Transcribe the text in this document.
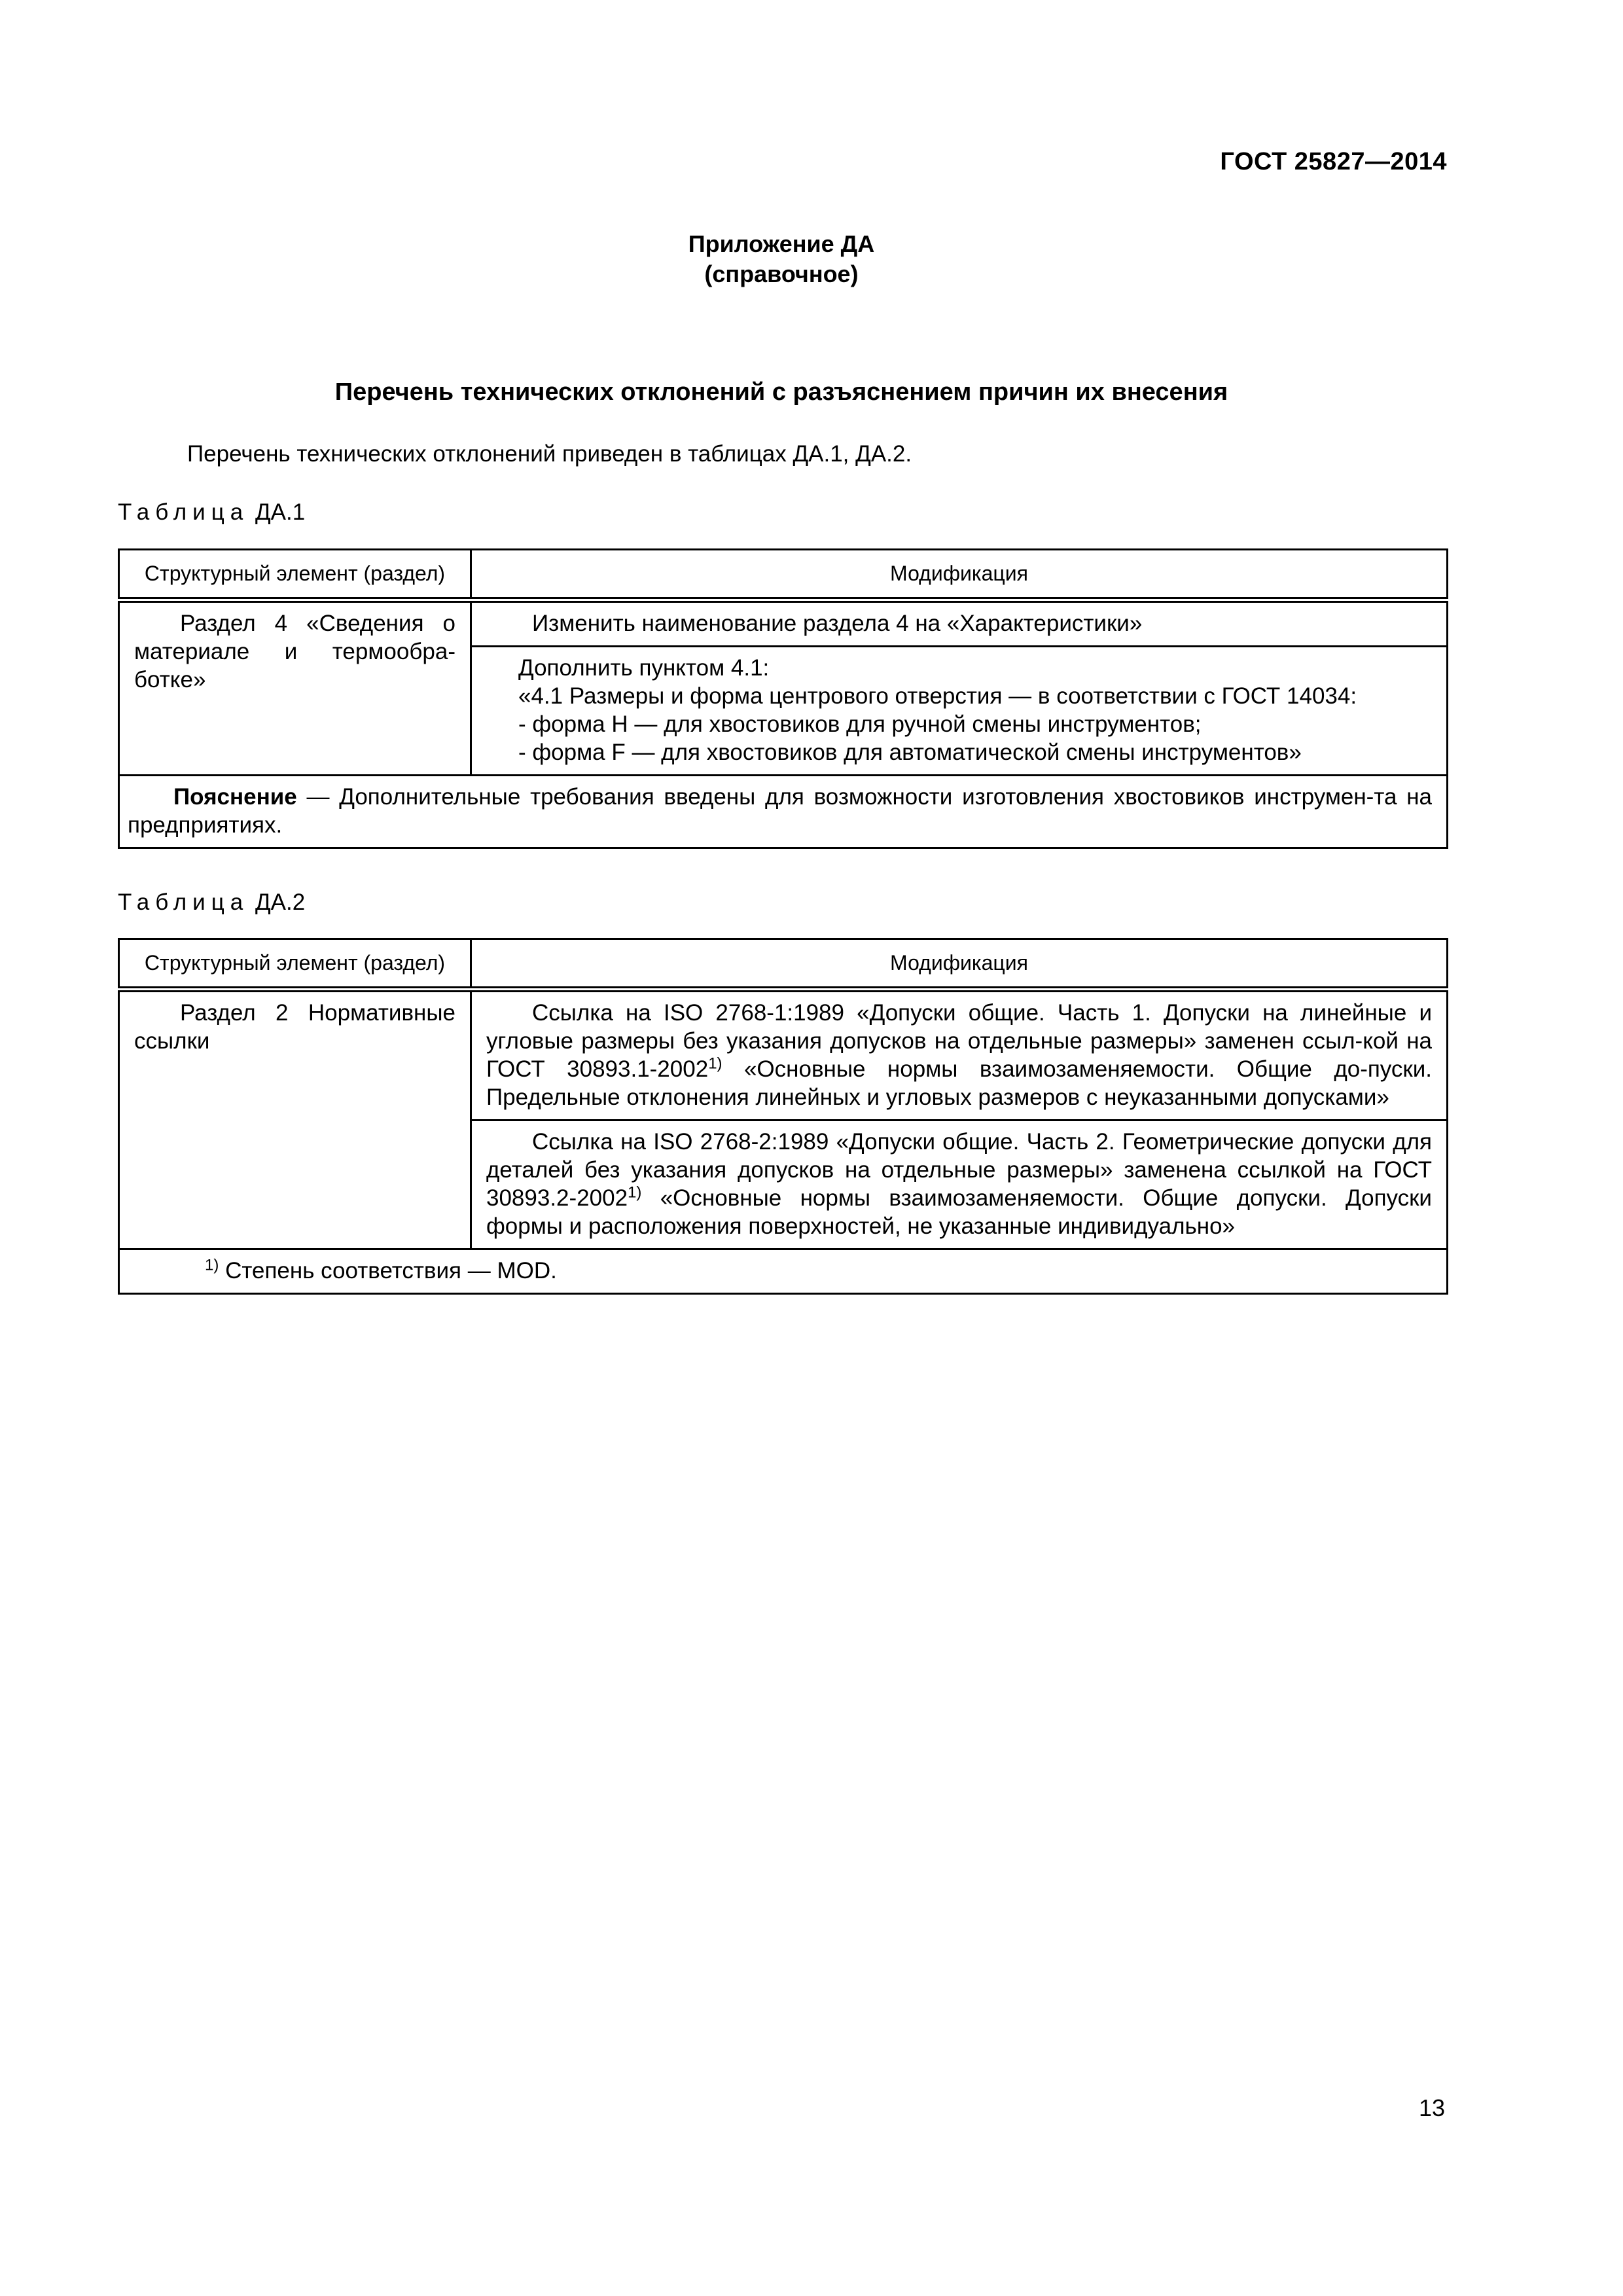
ГОСТ 25827—2014
Приложение ДА
(справочное)
Перечень технических отклонений с разъяснением причин их внесения
Перечень технических отклонений приведен в таблицах ДА.1, ДА.2.
Таблица ДА.1
Структурный элемент (раздел)	Модификация
Раздел 4 «Сведения о материале и термообра-ботке»	Изменить наименование раздела 4 на «Характеристики»

	Дополнить пунктом 4.1:
«4.1 Размеры и форма центрового отверстия — в соответствии с ГОСТ 14034:
- форма Н — для хвостовиков для ручной смены инструментов;
- форма F — для хвостовиков для автоматической смены инструментов»

Пояснение — Дополнительные требования введены для возможности изготовления хвостовиков инструмен-та на предприятиях.	
Таблица ДА.2
Структурный элемент (раздел)	Модификация
Раздел 2 Нормативные ссылки	Ссылка на ISO 2768-1:1989 «Допуски общие. Часть 1. Допуски на линейные и угловые размеры без указания допусков на отдельные размеры» заменен ссыл-кой на ГОСТ 30893.1-2002$^{1)}$ «Основные нормы взаимозаменяемости. Общие до-пуски. Предельные отклонения линейных и угловых размеров с неуказанными допусками»
	Ссылка на ISO 2768-2:1989 «Допуски общие. Часть 2. Геометрические допуски для деталей без указания допусков на отдельные размеры» заменена ссылкой на ГОСТ 30893.2-2002$^{1)}$ «Основные нормы взаимозаменяемости. Общие допуски. Допуски формы и расположения поверхностей, не указанные индивидуально»
$^{1)}$ Степень соответствия — MOD.	
13
